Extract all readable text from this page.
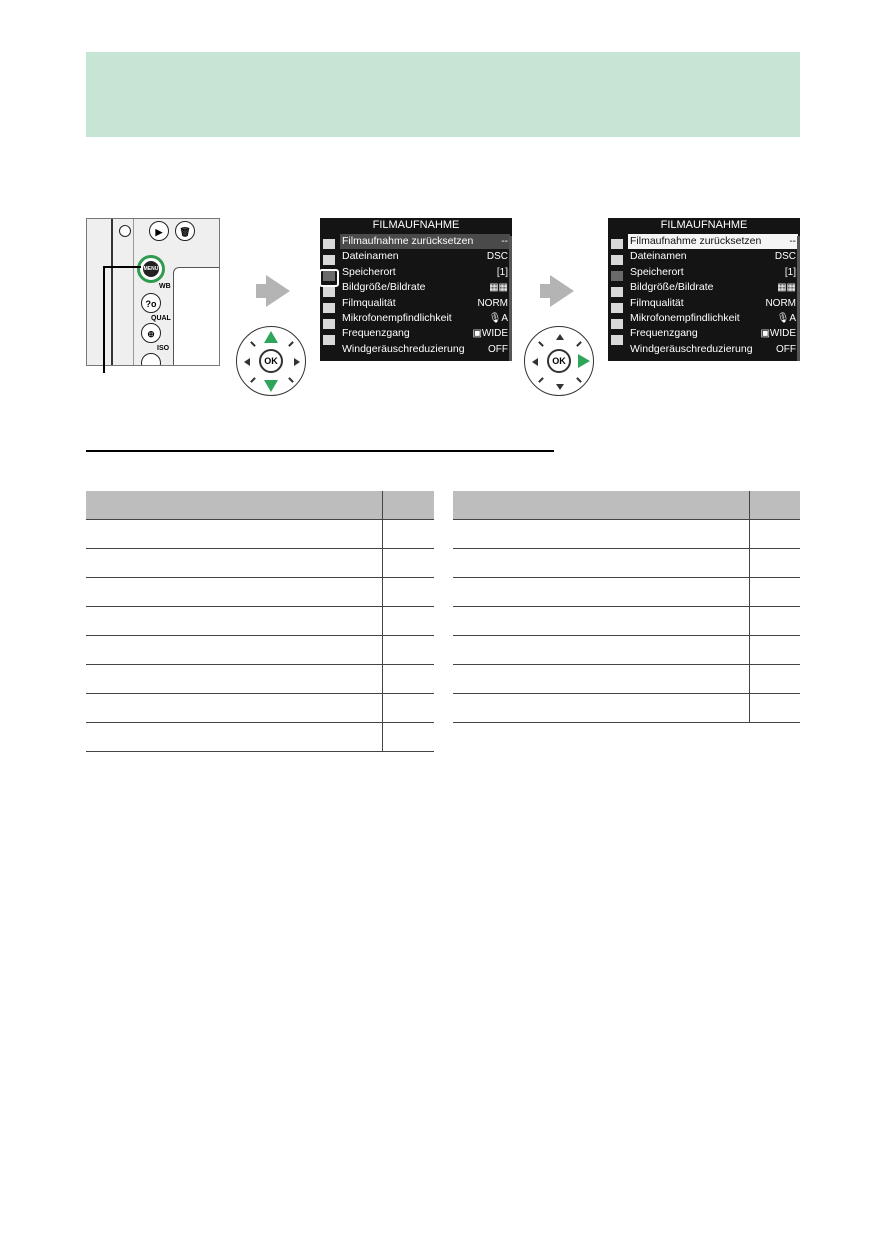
▶	🗑
MENU
WB
?o
QUAL
⊕
ISO
OK
FILMAUFNAHME
Filmaufnahme zurücksetzen	--
Dateinamen	DSC
Speicherort	[1]
Bildgröße/Bildrate	▦▦
Filmqualität	NORM
Mikrofonempfindlichkeit	🎙A
Frequenzgang	▣WIDE
Windgeräuschreduzierung OFF
OK
FILMAUFNAHME
Filmaufnahme zurücksetzen	--
Dateinamen	DSC
Speicherort	[1]
Bildgröße/Bildrate	▦▦
Filmqualität	NORM
Mikrofonempfindlichkeit	🎙A
Frequenzgang	▣WIDE
Windgeräuschreduzierung OFF
